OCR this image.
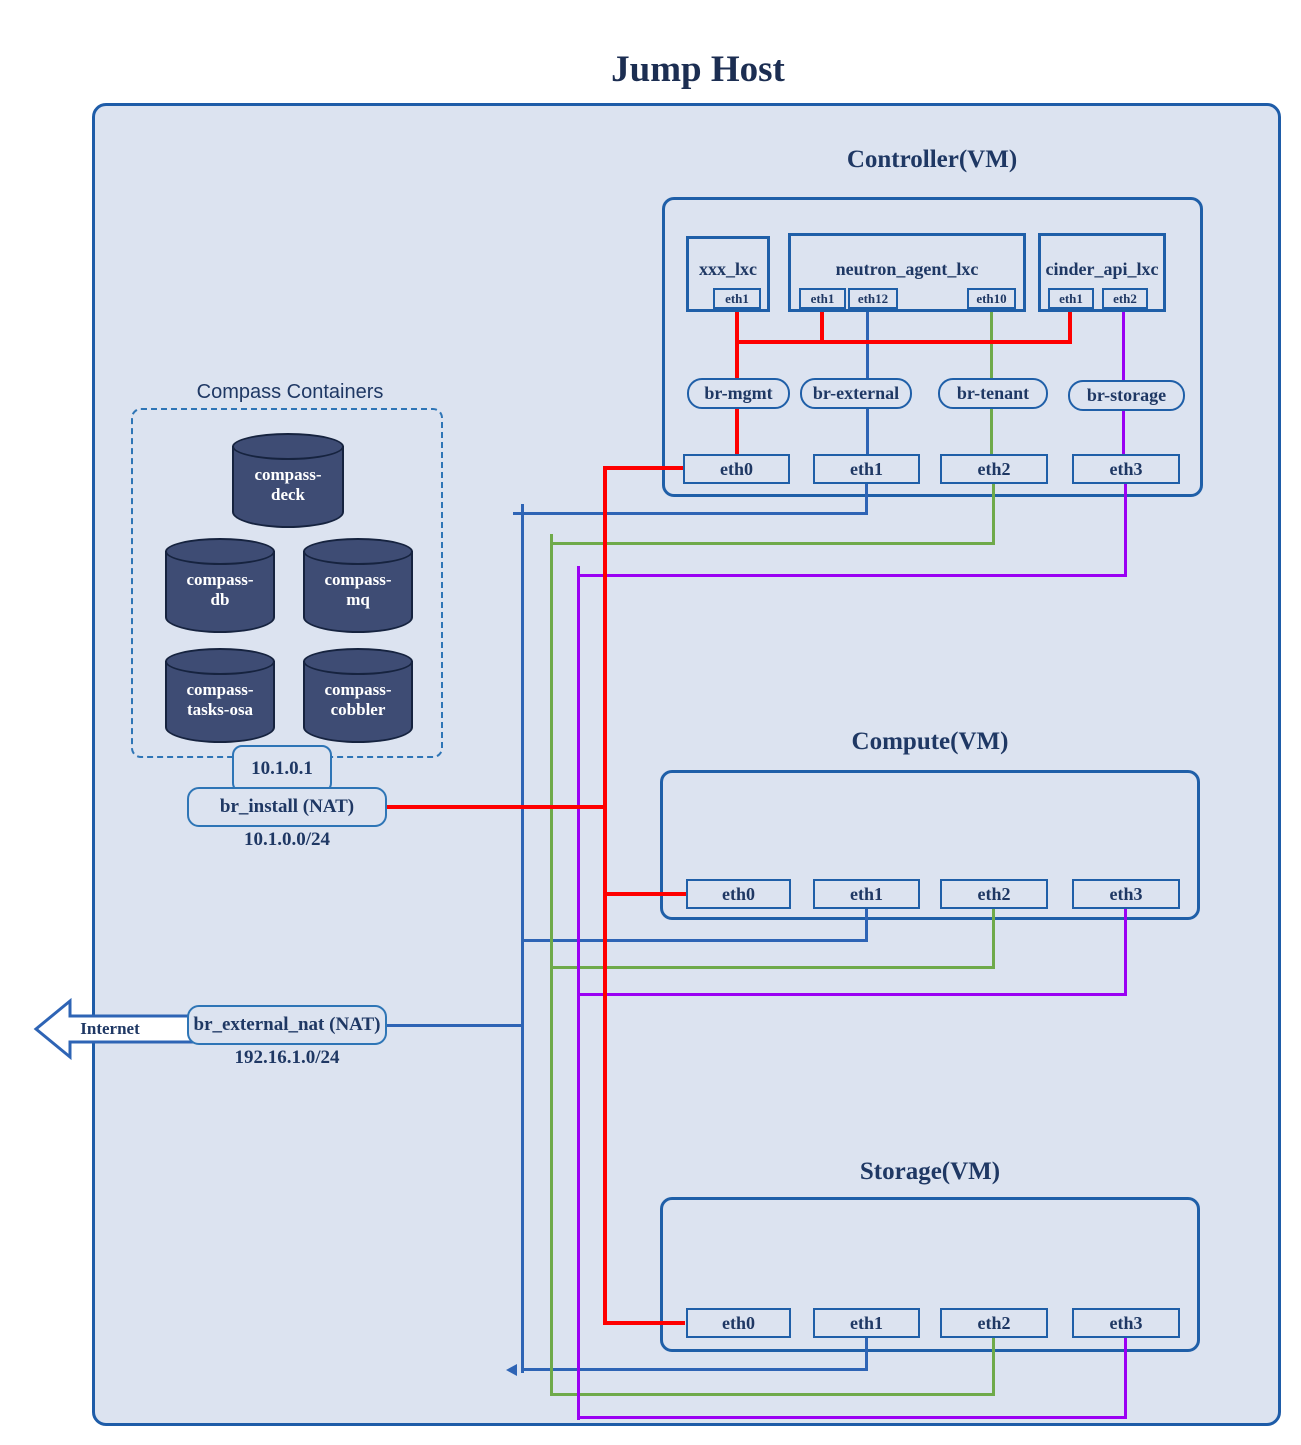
Jump Host
Controller(VM)
Compute(VM)
Storage(VM)
Compass Containers
xxx_lxc
eth1
neutron_agent_lxc
eth1	eth12	eth10
cinder_api_lxc
eth1	eth2
br-mgmt	br-external	br-tenant	br-storage
eth0	eth1	eth2	eth3
eth0	eth1	eth2	eth3
eth0	eth1	eth2	eth3
compass-
deck
compass-
db
compass-
mq
compass-
tasks-osa
compass-
cobbler
10.1.0.1
br_install (NAT)
10.1.0.0/24
Internet	br_external_nat (NAT)
192.16.1.0/24
